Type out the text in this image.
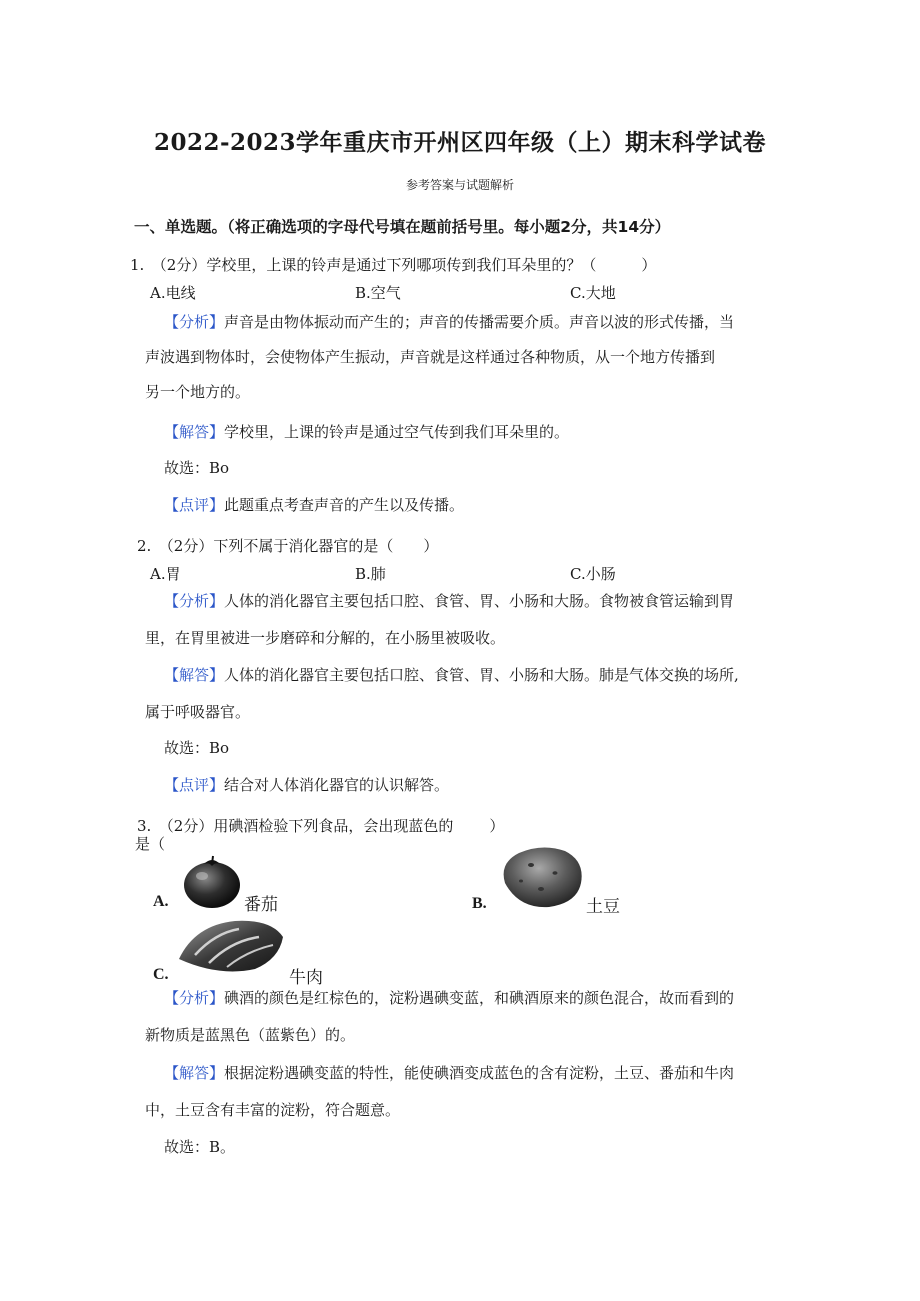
2022-2023学年重庆市开州区四年级（上）期末科学试卷
参考答案与试题解析
一、单选题。（将正确选项的字母代号填在题前括号里。每小题2分，共14分）
1.　（2分）学校里，上课的铃声是通过下列哪项传到我们耳朵里的？（　　　）
A.电线	B.空气	C.大地
【分析】声音是由物体振动而产生的；声音的传播需要介质。声音以波的形式传播，当
声波遇到物体时，会使物体产生振动，声音就是这样通过各种物质，从一个地方传播到
另一个地方的。
【解答】学校里，上课的铃声是通过空气传到我们耳朵里的。
故选：Bo
【点评】此题重点考查声音的产生以及传播。
2.　（2分）下列不属于消化器官的是（　　）
A.胃	B.肺	C.小肠
【分析】人体的消化器官主要包括口腔、食管、胃、小肠和大肠。食物被食管运输到胃
里，在胃里被进一步磨碎和分解的，在小肠里被吸收。
【解答】人体的消化器官主要包括口腔、食管、胃、小肠和大肠。肺是气体交换的场所,
属于呼吸器官。
故选：Bo
【点评】结合对人体消化器官的认识解答。
3.　（2分）用碘酒检验下列食品，会出现蓝色的 ）
是（
A.	番茄	B.	土豆
C.	牛肉
【分析】碘酒的颜色是红棕色的，淀粉遇碘变蓝，和碘酒原来的颜色混合，故而看到的
新物质是蓝黑色（蓝紫色）的。
【解答】根据淀粉遇碘变蓝的特性，能使碘酒变成蓝色的含有淀粉，土豆、番茄和牛肉
中，土豆含有丰富的淀粉，符合题意。
故选：B。
